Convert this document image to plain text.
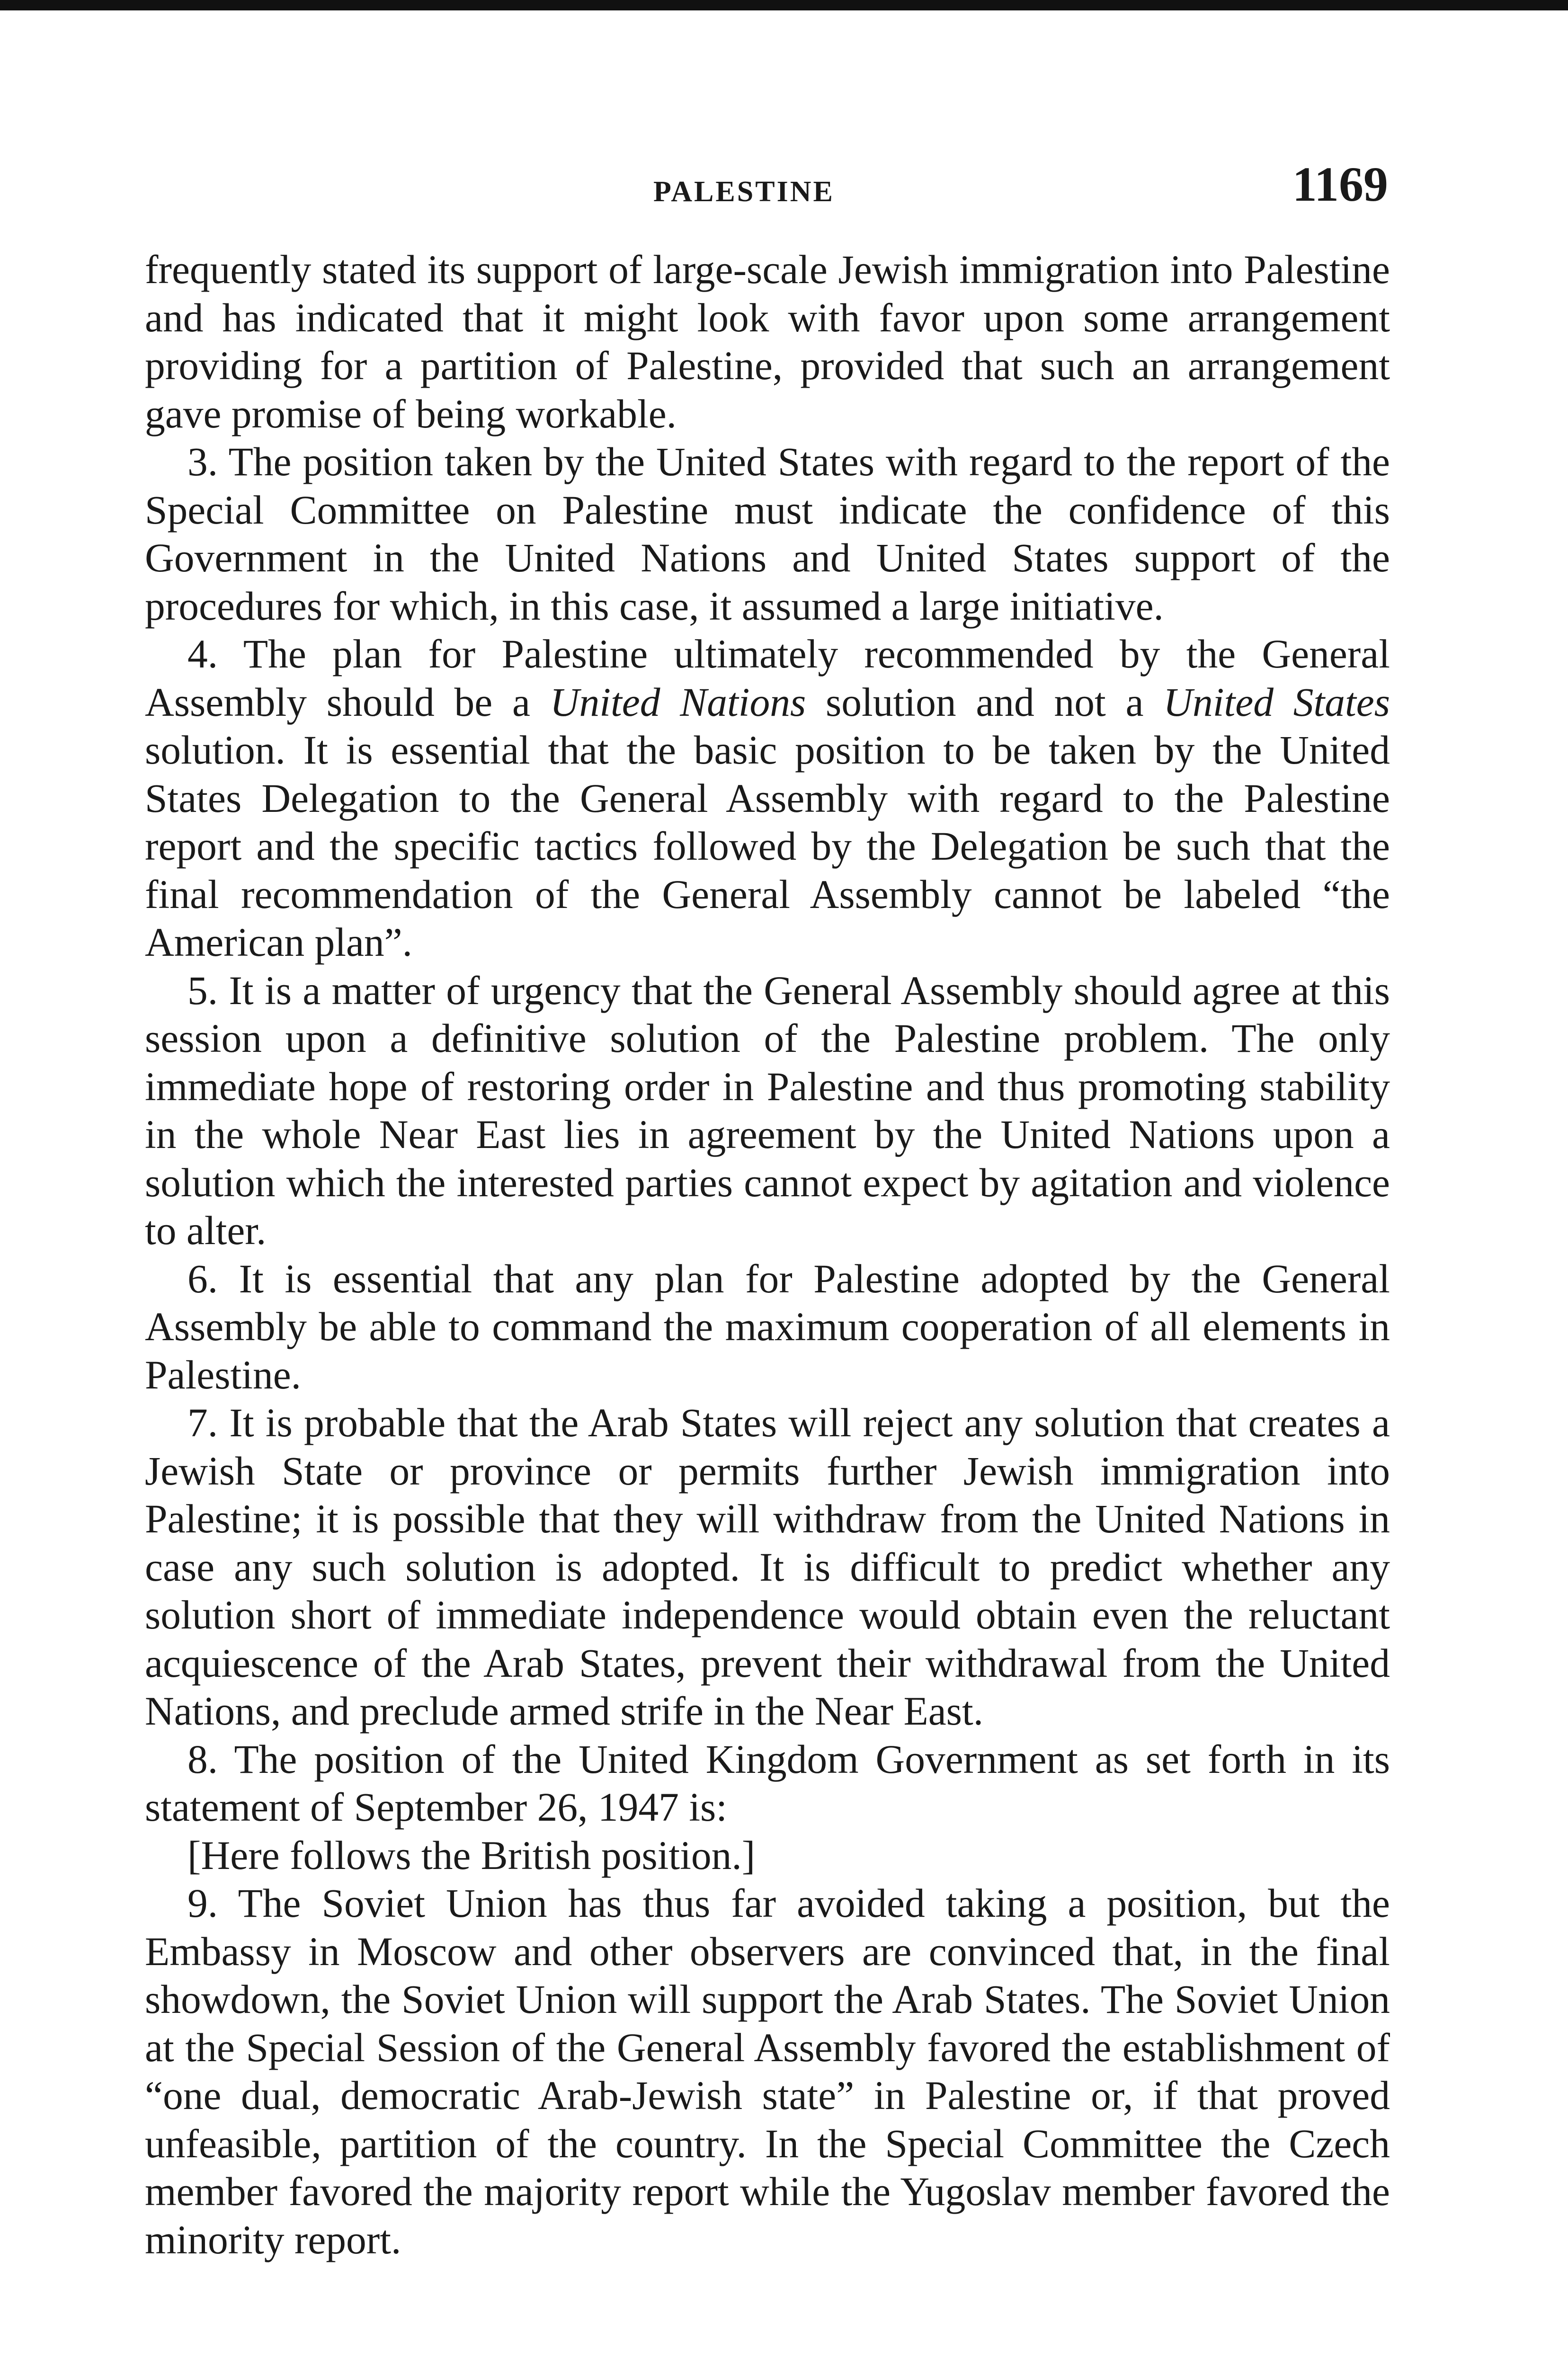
PALESTINE	1169

frequently stated its support of large-scale Jewish immigration into Palestine and has indicated that it might look with favor upon some arrangement providing for a partition of Palestine, provided that such an arrangement gave promise of being workable.

3. The position taken by the United States with regard to the report of the Special Committee on Palestine must indicate the confidence of this Government in the United Nations and United States support of the procedures for which, in this case, it assumed a large initiative.

4. The plan for Palestine ultimately recommended by the General Assembly should be a United Nations solution and not a United States solution. It is essential that the basic position to be taken by the United States Delegation to the General Assembly with regard to the Palestine report and the specific tactics followed by the Delegation be such that the final recommendation of the General Assembly cannot be labeled “the American plan”.

5. It is a matter of urgency that the General Assembly should agree at this session upon a definitive solution of the Palestine problem. The only immediate hope of restoring order in Palestine and thus promoting stability in the whole Near East lies in agreement by the United Nations upon a solution which the interested parties cannot expect by agitation and violence to alter.

6. It is essential that any plan for Palestine adopted by the General Assembly be able to command the maximum cooperation of all elements in Palestine.

7. It is probable that the Arab States will reject any solution that creates a Jewish State or province or permits further Jewish immigration into Palestine; it is possible that they will withdraw from the United Nations in case any such solution is adopted. It is difficult to predict whether any solution short of immediate independence would obtain even the reluctant acquiescence of the Arab States, prevent their withdrawal from the United Nations, and preclude armed strife in the Near East.

8. The position of the United Kingdom Government as set forth in its statement of September 26, 1947 is:

[Here follows the British position.]

9. The Soviet Union has thus far avoided taking a position, but the Embassy in Moscow and other observers are convinced that, in the final showdown, the Soviet Union will support the Arab States. The Soviet Union at the Special Session of the General Assembly favored the establishment of “one dual, democratic Arab-Jewish state” in Palestine or, if that proved unfeasible, partition of the country. In the Special Committee the Czech member favored the majority report while the Yugoslav member favored the minority report.
